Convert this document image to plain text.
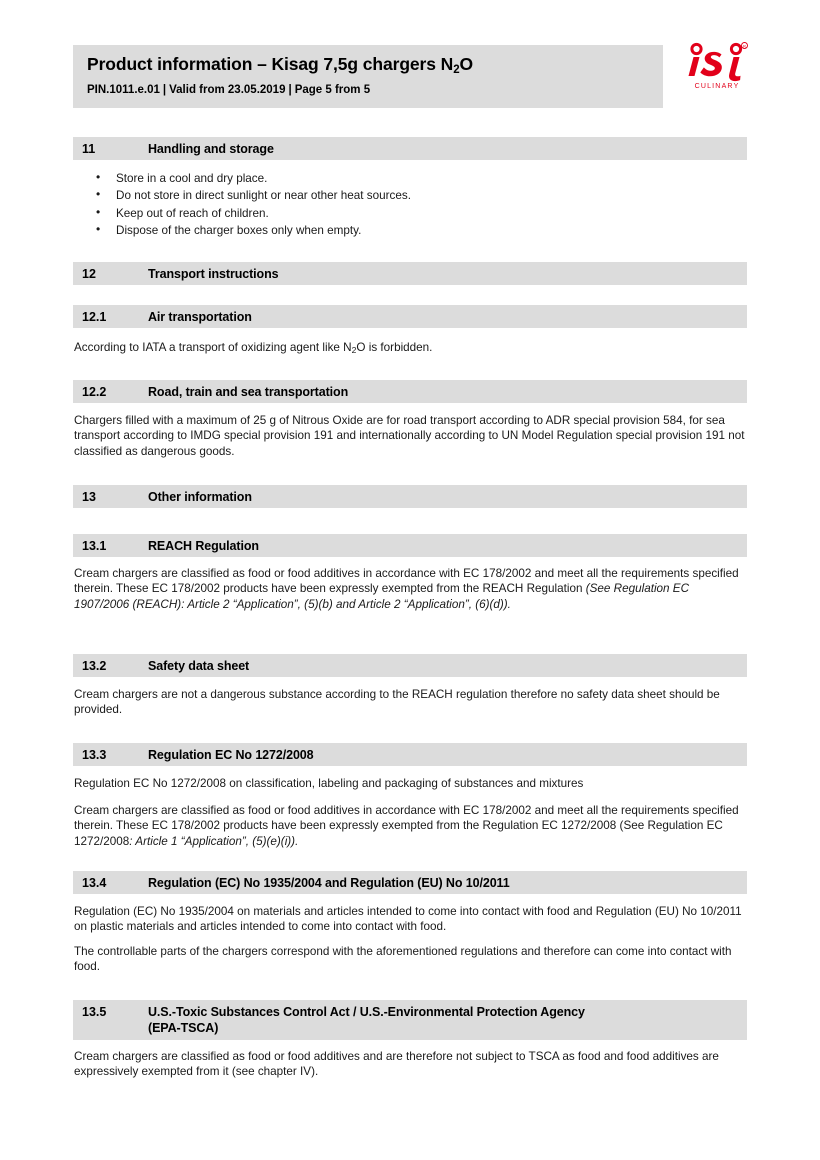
Product information – Kisag 7,5g chargers $N_2O$
PIN.1011.e.01 | Valid from 23.05.2019 | Page 5 from 5
R
CULINARY
11	Handling and storage
• Store in a cool and dry place.
• Do not store in direct sunlight or near other heat sources.
• Keep out of reach of children.
• Dispose of the charger boxes only when empty.
12	Transport instructions
12.1	Air transportation
According to IATA a transport of oxidizing agent like N2O is forbidden.
12.2	Road, train and sea transportation
Chargers filled with a maximum of 25 g of Nitrous Oxide are for road transport according to ADR special provision 584, for sea transport according to IMDG special provision 191 and internationally according to UN Model Regulation special provision 191 not classified as dangerous goods.
13	Other information
13.1	REACH Regulation
Cream chargers are classified as food or food additives in accordance with EC 178/2002 and meet all the requirements specified therein. These EC 178/2002 products have been expressly exempted from the REACH Regulation (See Regulation EC 1907/2006 (REACH): Article 2 “Application”, (5)(b) and Article 2 “Application”, (6)(d)).
13.2	Safety data sheet
Cream chargers are not a dangerous substance according to the REACH regulation therefore no safety data sheet should be provided.
13.3	Regulation EC No 1272/2008
Regulation EC No 1272/2008 on classification, labeling and packaging of substances and mixtures
Cream chargers are classified as food or food additives in accordance with EC 178/2002 and meet all the requirements specified therein. These EC 178/2002 products have been expressly exempted from the Regulation EC 1272/2008 (See Regulation EC 1272/2008: Article 1 “Application”, (5)(e)(i)).
13.4	Regulation (EC) No 1935/2004 and Regulation (EU) No 10/2011
Regulation (EC) No 1935/2004 on materials and articles intended to come into contact with food and Regulation (EU) No 10/2011 on plastic materials and articles intended to come into contact with food.
The controllable parts of the chargers correspond with the aforementioned regulations and therefore can come into contact with food.
13.5	U.S.-Toxic Substances Control Act / U.S.-Environmental Protection Agency
(EPA-TSCA)
Cream chargers are classified as food or food additives and are therefore not subject to TSCA as food and food additives are expressively exempted from it (see chapter IV).
